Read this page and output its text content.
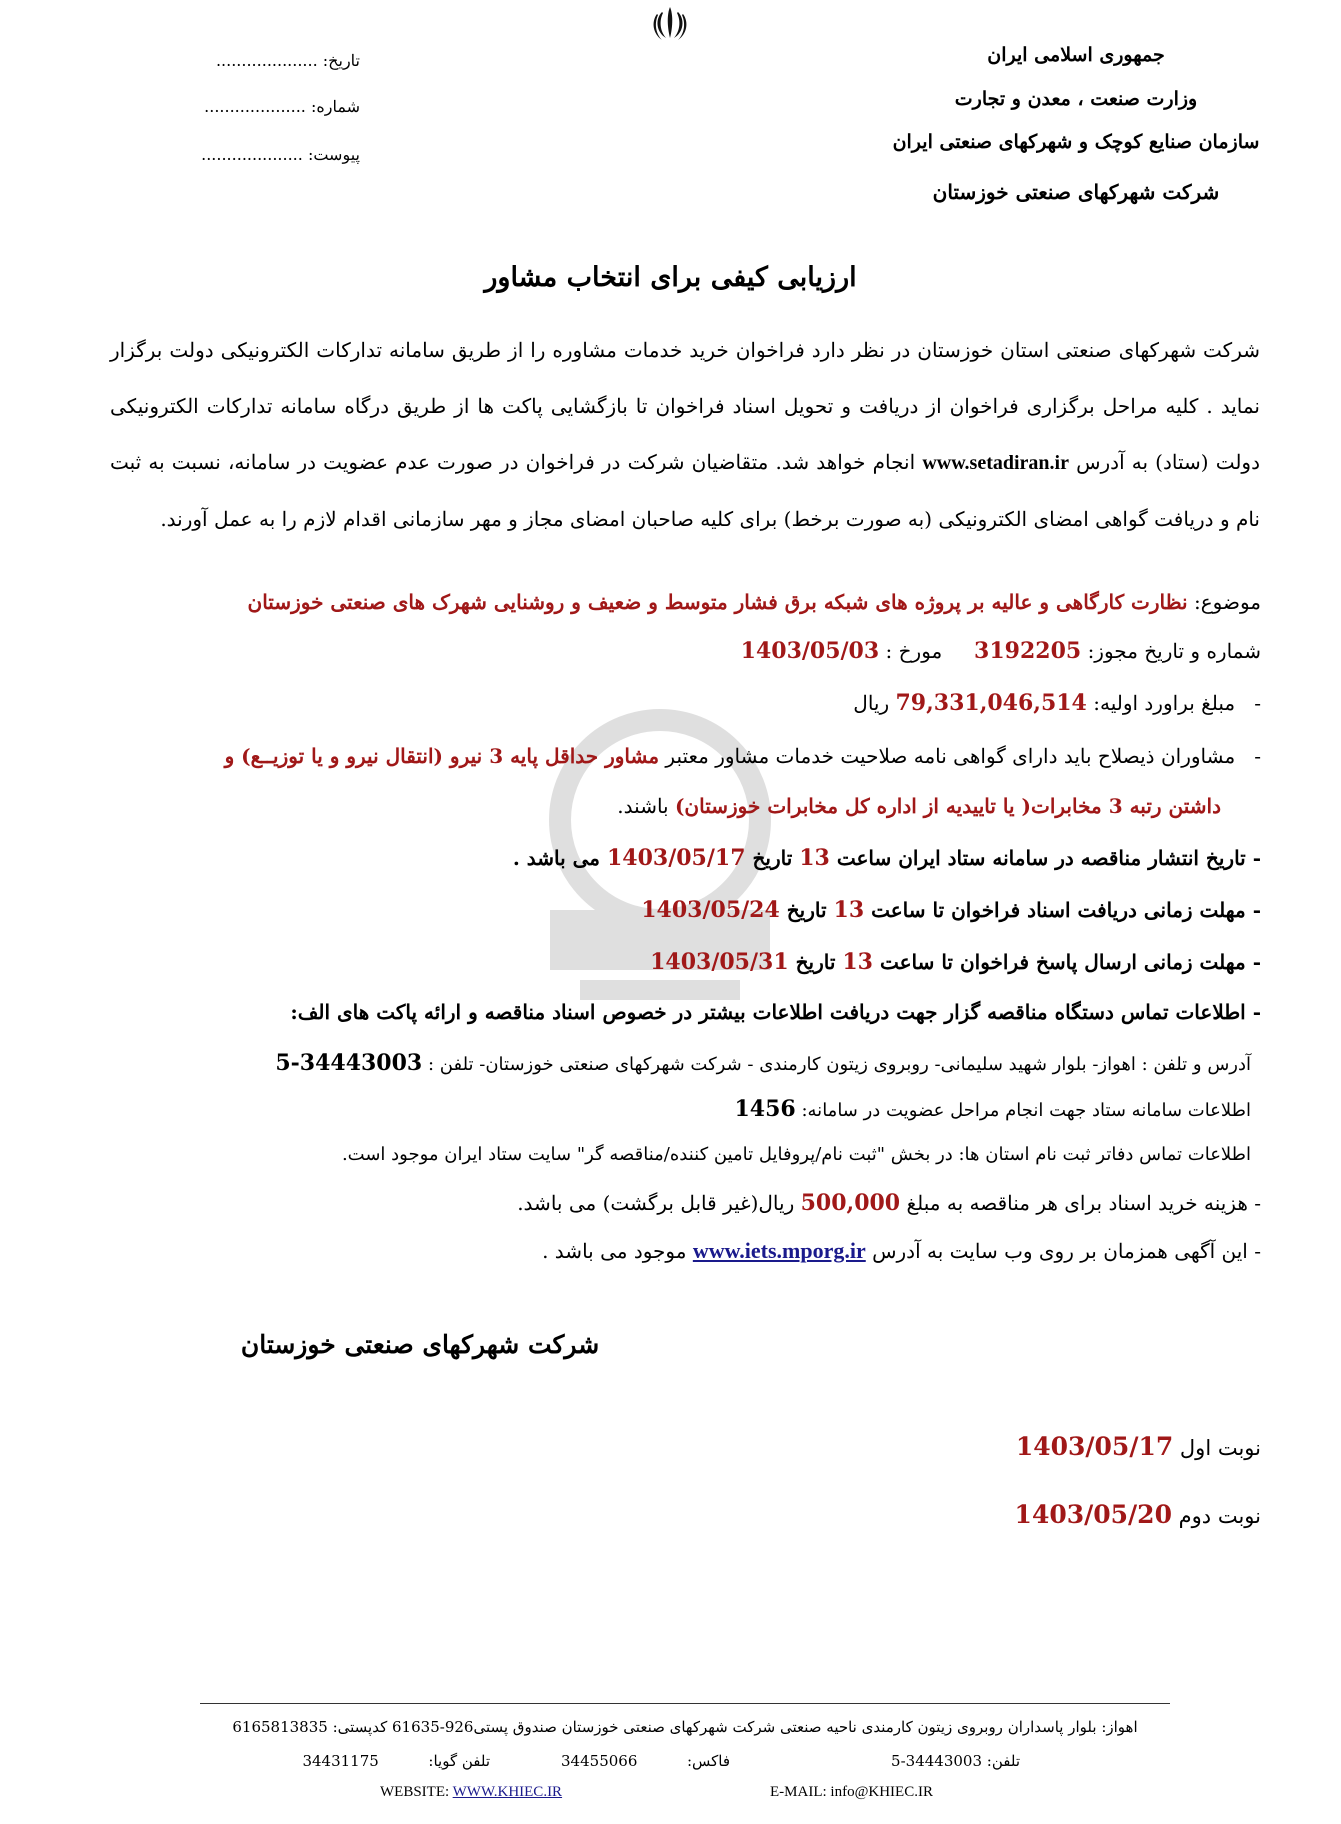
جمهوری اسلامی ایران
وزارت صنعت ، معدن و تجارت
سازمان صنایع کوچک و شهرکهای صنعتی ایران
شرکت شهرکهای صنعتی خوزستان
تاریخ: ....................
شماره: ....................
پیوست: ....................
ارزیابی کیفی برای انتخاب مشاور
شرکت شهرکهای صنعتی استان خوزستان در نظر دارد فراخوان خرید خدمات مشاوره را از طریق سامانه تدارکات الکترونیکی دولت برگزار نماید . کلیه مراحل برگزاری فراخوان از دریافت و تحویل اسناد فراخوان تا بازگشایی پاکت ها از طریق درگاه سامانه تدارکات الکترونیکی دولت (ستاد) به آدرس www.setadiran.ir انجام خواهد شد. متقاضیان شرکت در فراخوان در صورت عدم عضویت در سامانه، نسبت به ثبت نام و دریافت گواهی امضای الکترونیکی (به صورت برخط) برای کلیه صاحبان امضای مجاز و مهر سازمانی اقدام لازم را به عمل آورند.
موضوع: نظارت کارگاهی و عالیه بر پروژه های شبکه برق فشار متوسط و ضعیف و روشنایی شهرک های صنعتی خوزستان
شماره و تاریخ مجوز: 3192205     مورخ : 1403/05/03
-   مبلغ براورد اولیه: 79,331,046,514 ریال
-   مشاوران ذیصلاح باید دارای گواهی نامه صلاحیت خدمات مشاور معتبر مشاور حداقل پایه 3 نیرو (انتقال نیرو و یا توزیــع) و
داشتن رتبه 3 مخابرات( یا تاییدیه از اداره کل مخابرات خوزستان) باشند.
- تاریخ انتشار مناقصه در سامانه ستاد ایران ساعت 13 تاریخ 1403/05/17 می باشد .
- مهلت زمانی دریافت اسناد فراخوان تا ساعت 13 تاریخ 1403/05/24
- مهلت زمانی ارسال پاسخ فراخوان تا ساعت 13 تاریخ 1403/05/31
- اطلاعات تماس دستگاه مناقصه گزار جهت دریافت اطلاعات بیشتر در خصوص اسناد مناقصه و ارائه پاکت های الف:
آدرس و تلفن : اهواز- بلوار شهید سلیمانی- روبروی زیتون کارمندی - شرکت شهرکهای صنعتی خوزستان- تلفن : 34443003-5
اطلاعات سامانه ستاد جهت انجام مراحل عضویت در سامانه: 1456
اطلاعات تماس دفاتر ثبت نام استان ها: در بخش "ثبت نام/پروفایل تامین کننده/مناقصه گر" سایت ستاد ایران موجود است.
- هزینه خرید اسناد برای هر مناقصه به مبلغ 500,000 ریال(غیر قابل برگشت) می باشد.
- این آگهی همزمان بر روی وب سایت به آدرس www.iets.mporg.ir موجود می باشد .
شرکت شهرکهای صنعتی خوزستان
نوبت اول 1403/05/17
نوبت دوم 1403/05/20
اهواز: بلوار پاسداران روبروی زیتون کارمندی ناحیه صنعتی شرکت شهرکهای صنعتی خوزستان صندوق پستی926-61635 کدپستی: 6165813835
تلفن: 34443003-5
فاکس:  34455066
تلفن گویا:  34431175
WEBSITE: WWW.KHIEC.IR	E-MAIL: info@KHIEC.IR
